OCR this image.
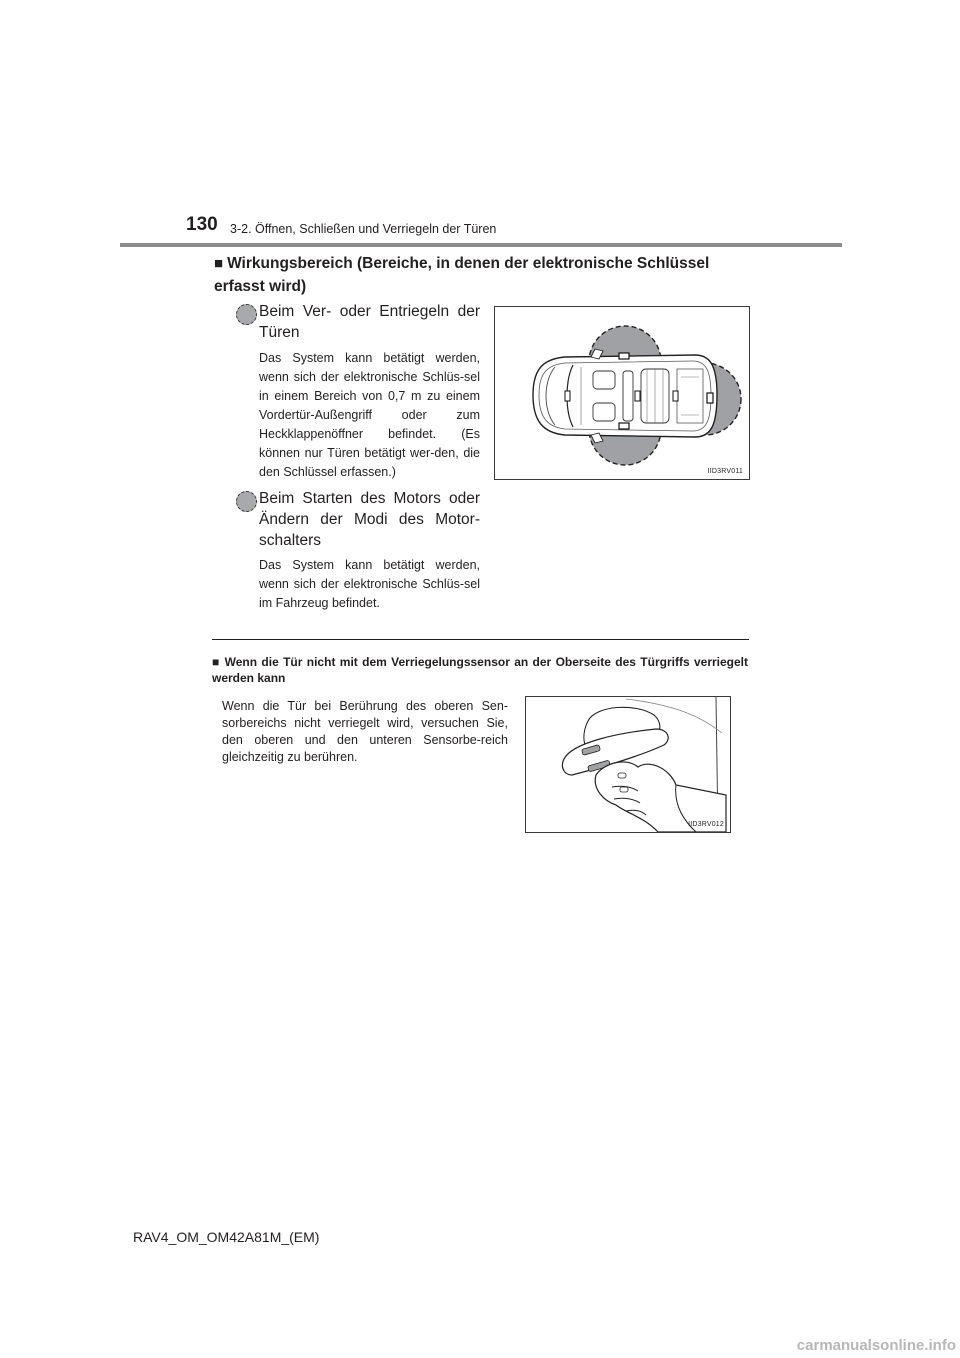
130 3-2. Öffnen, Schließen und Verriegeln der Türen
■ Wirkungsbereich (Bereiche, in denen der elektronische Schlüssel erfasst wird)
Beim Ver- oder Entriegeln der Türen
Das System kann betätigt werden, wenn sich der elektronische Schlüs-sel in einem Bereich von 0,7 m zu einem Vordertür-Außengriff oder zum Heckklappenöffner befindet. (Es können nur Türen betätigt wer-den, die den Schlüssel erfassen.)
Beim Starten des Motors oder Ändern der Modi des Motor-schalters
Das System kann betätigt werden, wenn sich der elektronische Schlüs-sel im Fahrzeug befindet.
IID3RV011
■ Wenn die Tür nicht mit dem Verriegelungssensor an der Oberseite des Türgriffs verriegelt werden kann
Wenn die Tür bei Berührung des oberen Sen-sorbereichs nicht verriegelt wird, versuchen Sie, den oberen und den unteren Sensorbe-reich gleichzeitig zu berühren.
IID3RV012
RAV4_OM_OM42A81M_(EM)
carmanualsonline.info
